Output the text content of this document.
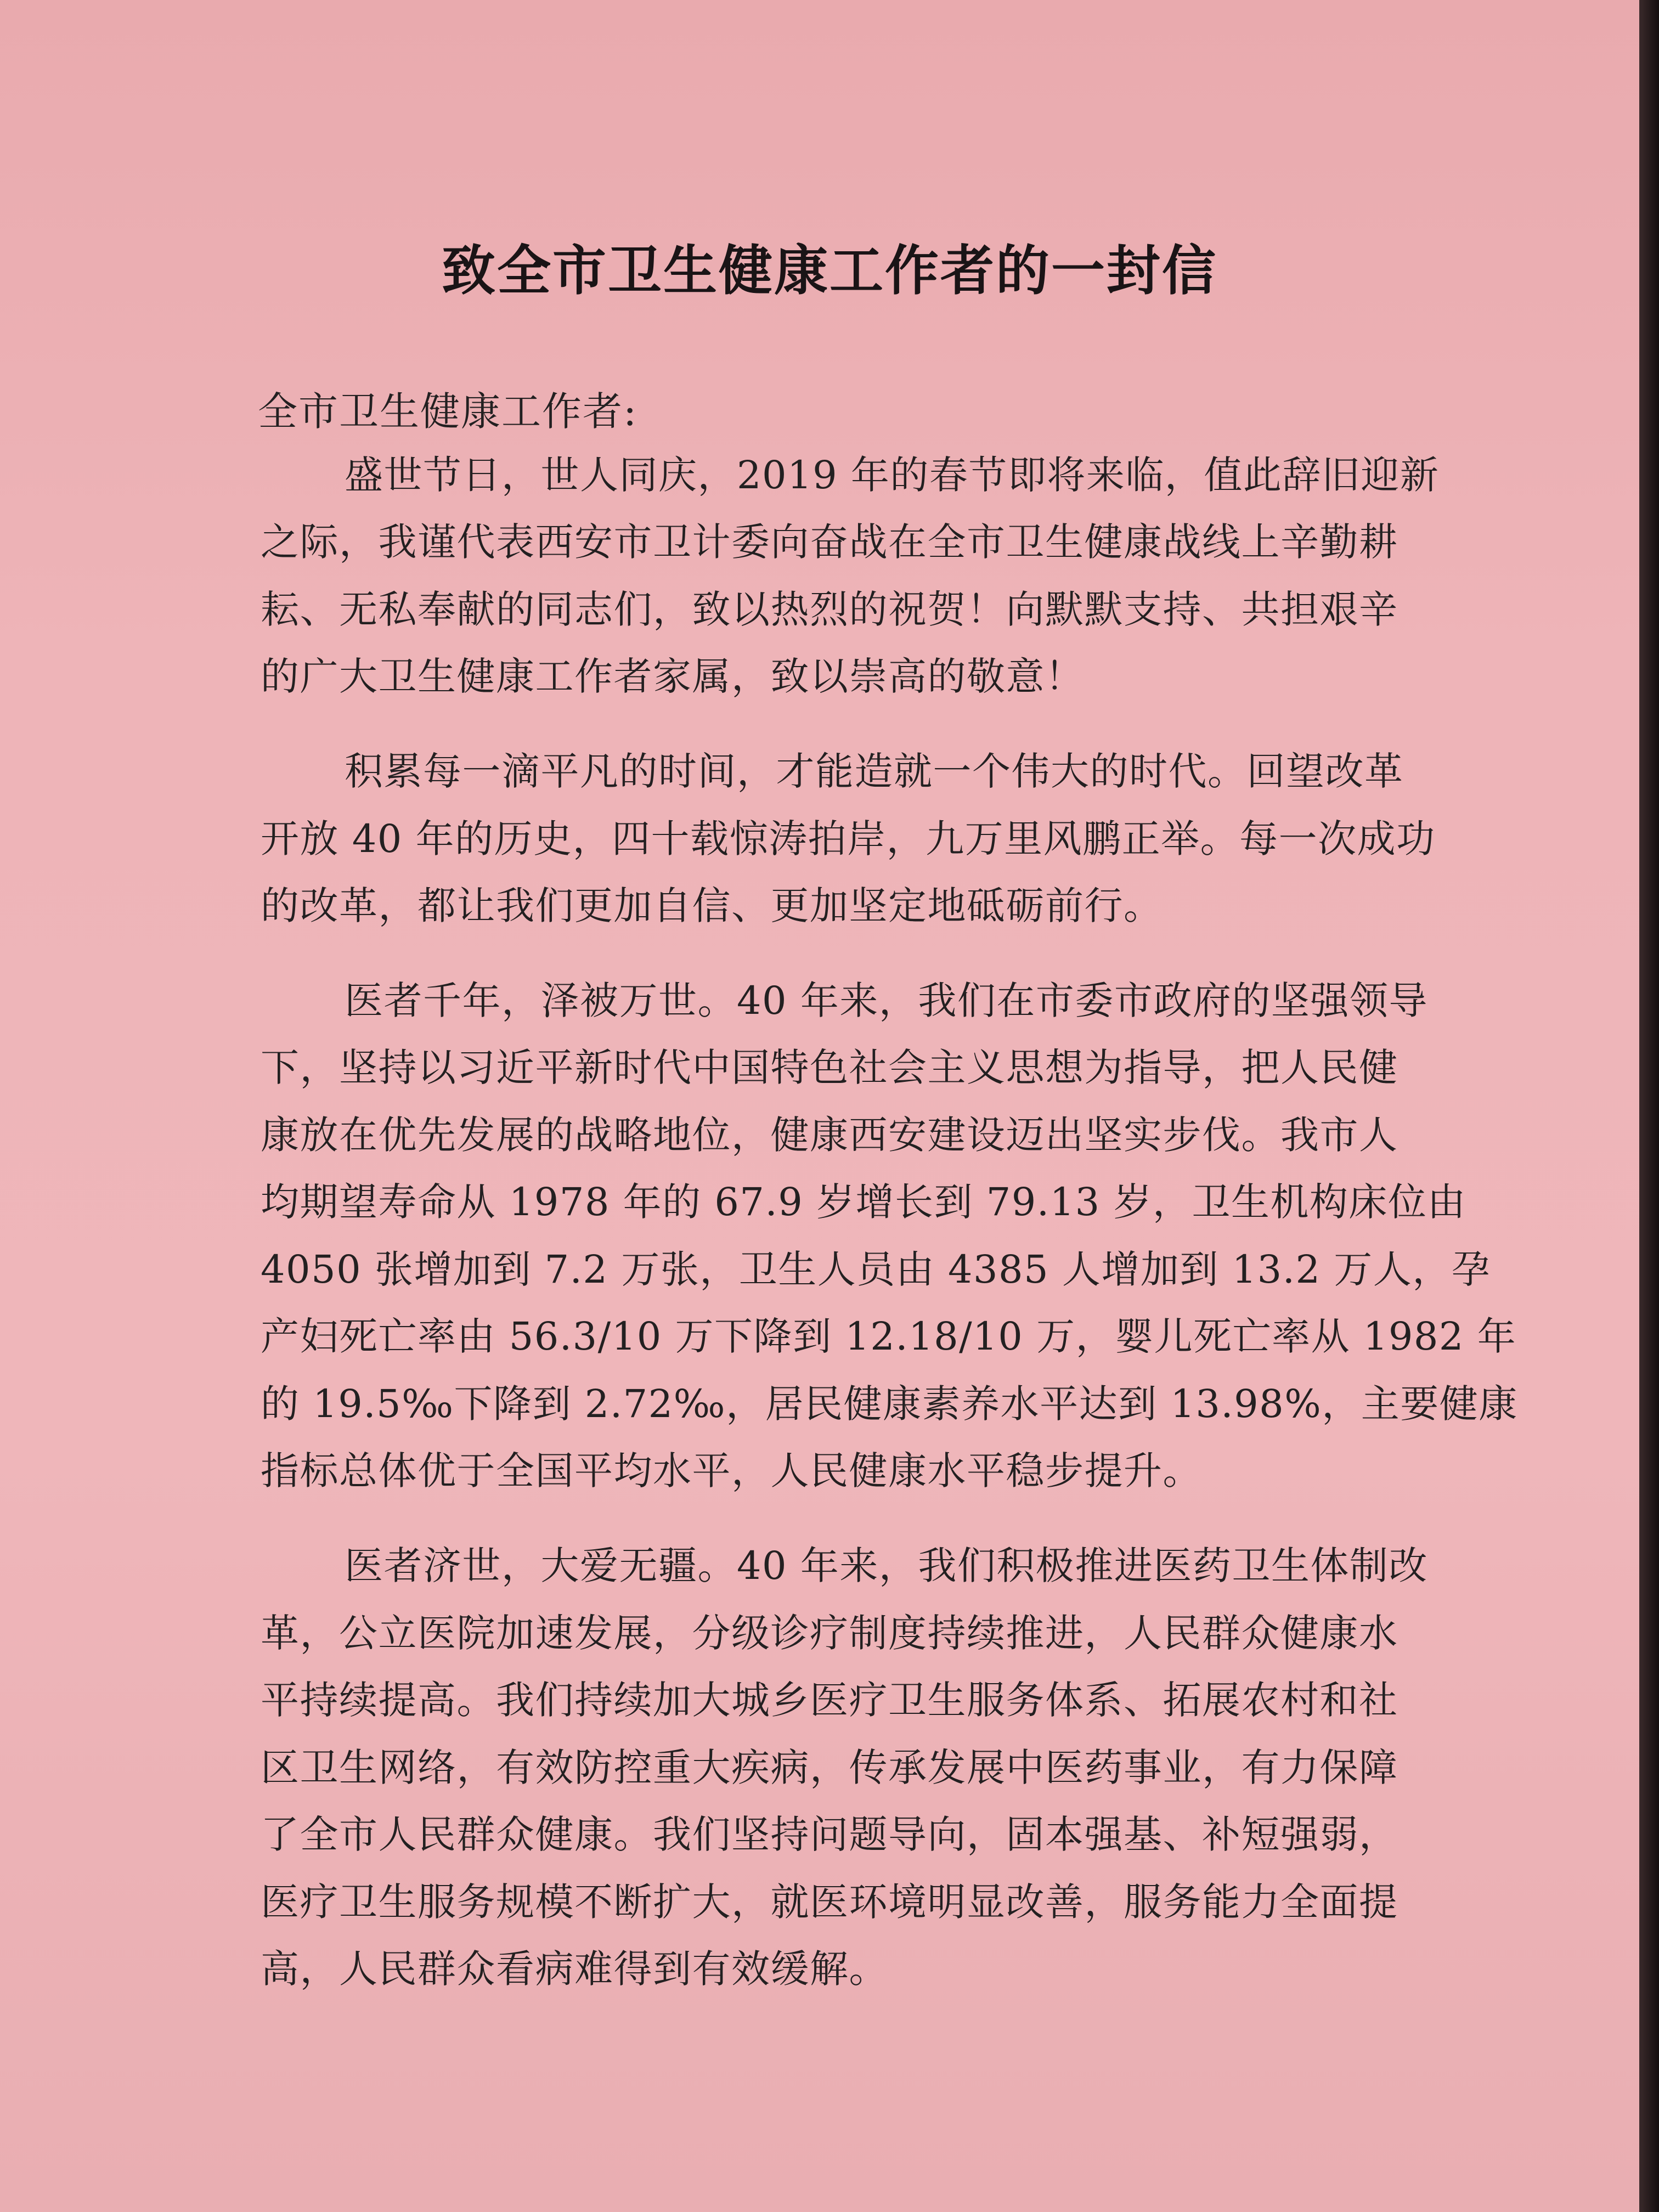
致全市卫生健康工作者的一封信
全市卫生健康工作者:
盛世节日，世人同庆，2019 年的春节即将来临，值此辞旧迎新
之际，我谨代表西安市卫计委向奋战在全市卫生健康战线上辛勤耕
耘、无私奉献的同志们，致以热烈的祝贺！向默默支持、共担艰辛
的广大卫生健康工作者家属，致以崇高的敬意！
积累每一滴平凡的时间，才能造就一个伟大的时代。回望改革
开放 40 年的历史，四十载惊涛拍岸，九万里风鹏正举。每一次成功
的改革，都让我们更加自信、更加坚定地砥砺前行。
医者千年，泽被万世。40 年来，我们在市委市政府的坚强领导
下，坚持以习近平新时代中国特色社会主义思想为指导，把人民健
康放在优先发展的战略地位，健康西安建设迈出坚实步伐。我市人
均期望寿命从 1978 年的 67.9 岁增长到 79.13 岁，卫生机构床位由
4050 张增加到 7.2 万张，卫生人员由 4385 人增加到 13.2 万人，孕
产妇死亡率由 56.3/10 万下降到 12.18/10 万，婴儿死亡率从 1982 年
的 19.5‰下降到 2.72‰，居民健康素养水平达到 13.98%，主要健康
指标总体优于全国平均水平，人民健康水平稳步提升。
医者济世，大爱无疆。40 年来，我们积极推进医药卫生体制改
革，公立医院加速发展，分级诊疗制度持续推进，人民群众健康水
平持续提高。我们持续加大城乡医疗卫生服务体系、拓展农村和社
区卫生网络，有效防控重大疾病，传承发展中医药事业，有力保障
了全市人民群众健康。我们坚持问题导向，固本强基、补短强弱，
医疗卫生服务规模不断扩大，就医环境明显改善，服务能力全面提
高，人民群众看病难得到有效缓解。
